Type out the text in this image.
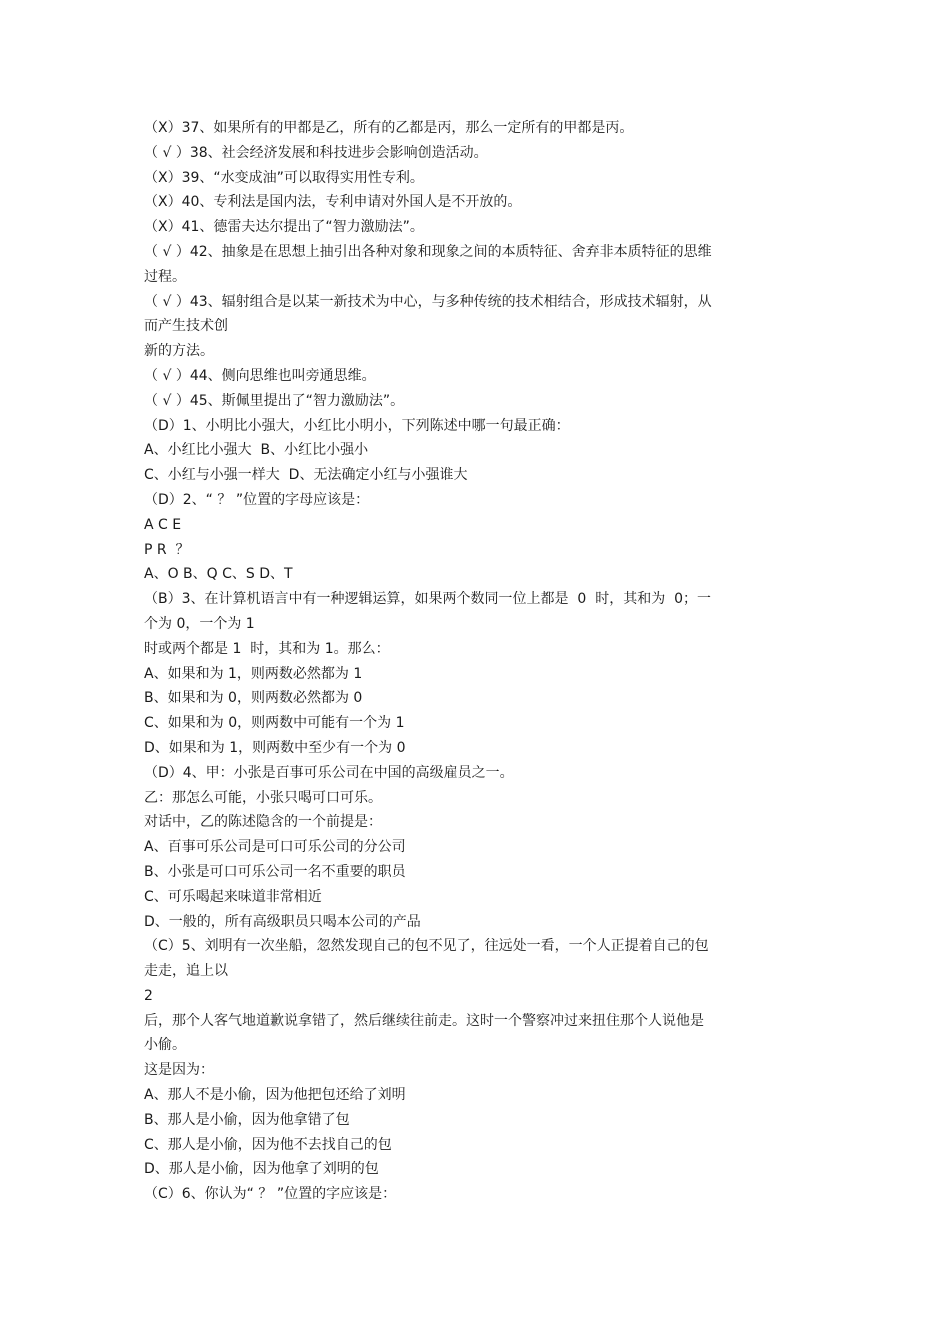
（X）37、如果所有的甲都是乙，所有的乙都是丙，那么一定所有的甲都是丙。
（ √ ）38、社会经济发展和科技进步会影响创造活动。
（X）39、“水变成油”可以取得实用性专利。
（X）40、专利法是国内法，专利申请对外国人是不开放的。
（X）41、德雷夫达尔提出了“智力激励法”。
（ √ ）42、抽象是在思想上抽引出各种对象和现象之间的本质特征、舍弃非本质特征的思维
过程。
（ √ ）43、辐射组合是以某一新技术为中心，与多种传统的技术相结合，形成技术辐射，从
而产生技术创
新的方法。
（ √ ）44、侧向思维也叫旁通思维。
（ √ ）45、斯佩里提出了“智力激励法”。
（D）1、小明比小强大，小红比小明小，下列陈述中哪一句最正确：
A、小红比小强大  B、小红比小强小
C、小红与小强一样大  D、无法确定小红与小强谁大
（D）2、“ ？ ”位置的字母应该是：
A C E
P R  ？
A、O B、Q C、S D、T
（B）3、在计算机语言中有一种逻辑运算，如果两个数同一位上都是  0  时，其和为  0；一
个为 0，一个为 1
时或两个都是 1  时，其和为 1。那么：
A、如果和为 1，则两数必然都为 1
B、如果和为 0，则两数必然都为 0
C、如果和为 0，则两数中可能有一个为 1
D、如果和为 1，则两数中至少有一个为 0
（D）4、甲：小张是百事可乐公司在中国的高级雇员之一。
乙：那怎么可能，小张只喝可口可乐。
对话中，乙的陈述隐含的一个前提是：
A、百事可乐公司是可口可乐公司的分公司
B、小张是可口可乐公司一名不重要的职员
C、可乐喝起来味道非常相近
D、一般的，所有高级职员只喝本公司的产品
（C）5、刘明有一次坐船，忽然发现自己的包不见了，往远处一看，一个人正提着自己的包
走走，追上以
2
后，那个人客气地道歉说拿错了，然后继续往前走。这时一个警察冲过来扭住那个人说他是
小偷。
这是因为：
A、那人不是小偷，因为他把包还给了刘明
B、那人是小偷，因为他拿错了包
C、那人是小偷，因为他不去找自己的包
D、那人是小偷，因为他拿了刘明的包
（C）6、你认为“ ？ ”位置的字应该是：
